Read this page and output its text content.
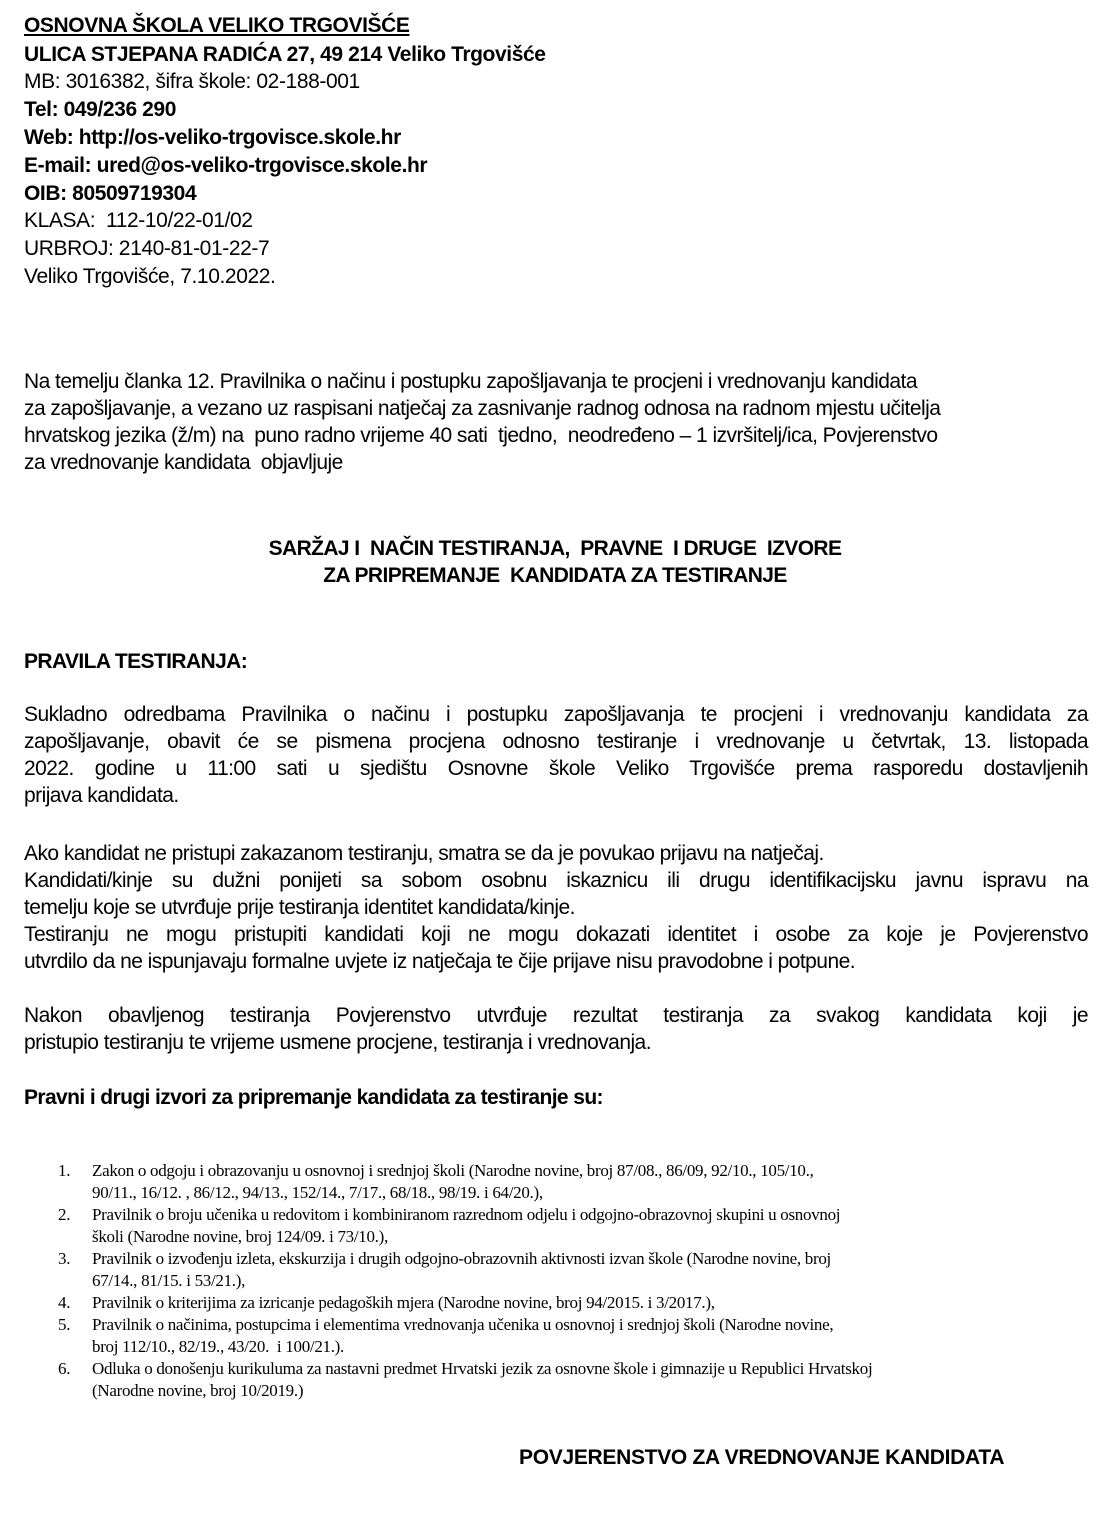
OSNOVNA ŠKOLA VELIKO TRGOVIŠĆE
ULICA STJEPANA RADIĆA 27, 49 214 Veliko Trgovišće
MB: 3016382, šifra škole: 02-188-001
Tel: 049/236 290
Web: http://os-veliko-trgovisce.skole.hr
E-mail: ured@os-veliko-trgovisce.skole.hr
OIB: 80509719304
KLASA:  112-10/22-01/02
URBROJ: 2140-81-01-22-7
Veliko Trgovišće, 7.10.2022.
Na temelju članka 12. Pravilnika o načinu i postupku zapošljavanja te procjeni i vrednovanju kandidata
za zapošljavanje, a vezano uz raspisani natječaj za zasnivanje radnog odnosa na radnom mjestu učitelja
hrvatskog jezika (ž/m) na  puno radno vrijeme 40 sati  tjedno,  neodređeno – 1 izvršitelj/ica, Povjerenstvo
za vrednovanje kandidata  objavljuje
SARŽAJ I  NAČIN TESTIRANJA,  PRAVNE  I DRUGE  IZVORE
ZA PRIPREMANJE  KANDIDATA ZA TESTIRANJE
PRAVILA TESTIRANJA:
Sukladno odredbama Pravilnika o načinu i postupku zapošljavanja te procjeni i vrednovanju kandidata za
zapošljavanje, obavit će se pismena procjena odnosno testiranje i vrednovanje u četvrtak, 13. listopada
2022. godine u 11:00 sati u sjedištu Osnovne škole Veliko Trgovišće prema rasporedu dostavljenih
prijava kandidata.
Ako kandidat ne pristupi zakazanom testiranju, smatra se da je povukao prijavu na natječaj.
Kandidati/kinje su dužni ponijeti sa sobom osobnu iskaznicu ili drugu identifikacijsku javnu ispravu na
temelju koje se utvrđuje prije testiranja identitet kandidata/kinje.
Testiranju ne mogu pristupiti kandidati koji ne mogu dokazati identitet i osobe za koje je Povjerenstvo
utvrdilo da ne ispunjavaju formalne uvjete iz natječaja te čije prijave nisu pravodobne i potpune.
Nakon obavljenog testiranja Povjerenstvo utvrđuje rezultat testiranja za svakog kandidata koji je
pristupio testiranju te vrijeme usmene procjene, testiranja i vrednovanja.
Pravni i drugi izvori za pripremanje kandidata za testiranje su:
1. Zakon o odgoju i obrazovanju u osnovnoj i srednjoj školi (Narodne novine, broj 87/08., 86/09, 92/10., 105/10.,
90/11., 16/12. , 86/12., 94/13., 152/14., 7/17., 68/18., 98/19. i 64/20.),
2. Pravilnik o broju učenika u redovitom i kombiniranom razrednom odjelu i odgojno-obrazovnoj skupini u osnovnoj
školi (Narodne novine, broj 124/09. i 73/10.),
3. Pravilnik o izvođenju izleta, ekskurzija i drugih odgojno-obrazovnih aktivnosti izvan škole (Narodne novine, broj
67/14., 81/15. i 53/21.),
4. Pravilnik o kriterijima za izricanje pedagoških mjera (Narodne novine, broj 94/2015. i 3/2017.),
5. Pravilnik o načinima, postupcima i elementima vrednovanja učenika u osnovnoj i srednjoj školi (Narodne novine,
broj 112/10., 82/19., 43/20.  i 100/21.).
6. Odluka o donošenju kurikuluma za nastavni predmet Hrvatski jezik za osnovne škole i gimnazije u Republici Hrvatskoj
(Narodne novine, broj 10/2019.)
POVJERENSTVO ZA VREDNOVANJE KANDIDATA
